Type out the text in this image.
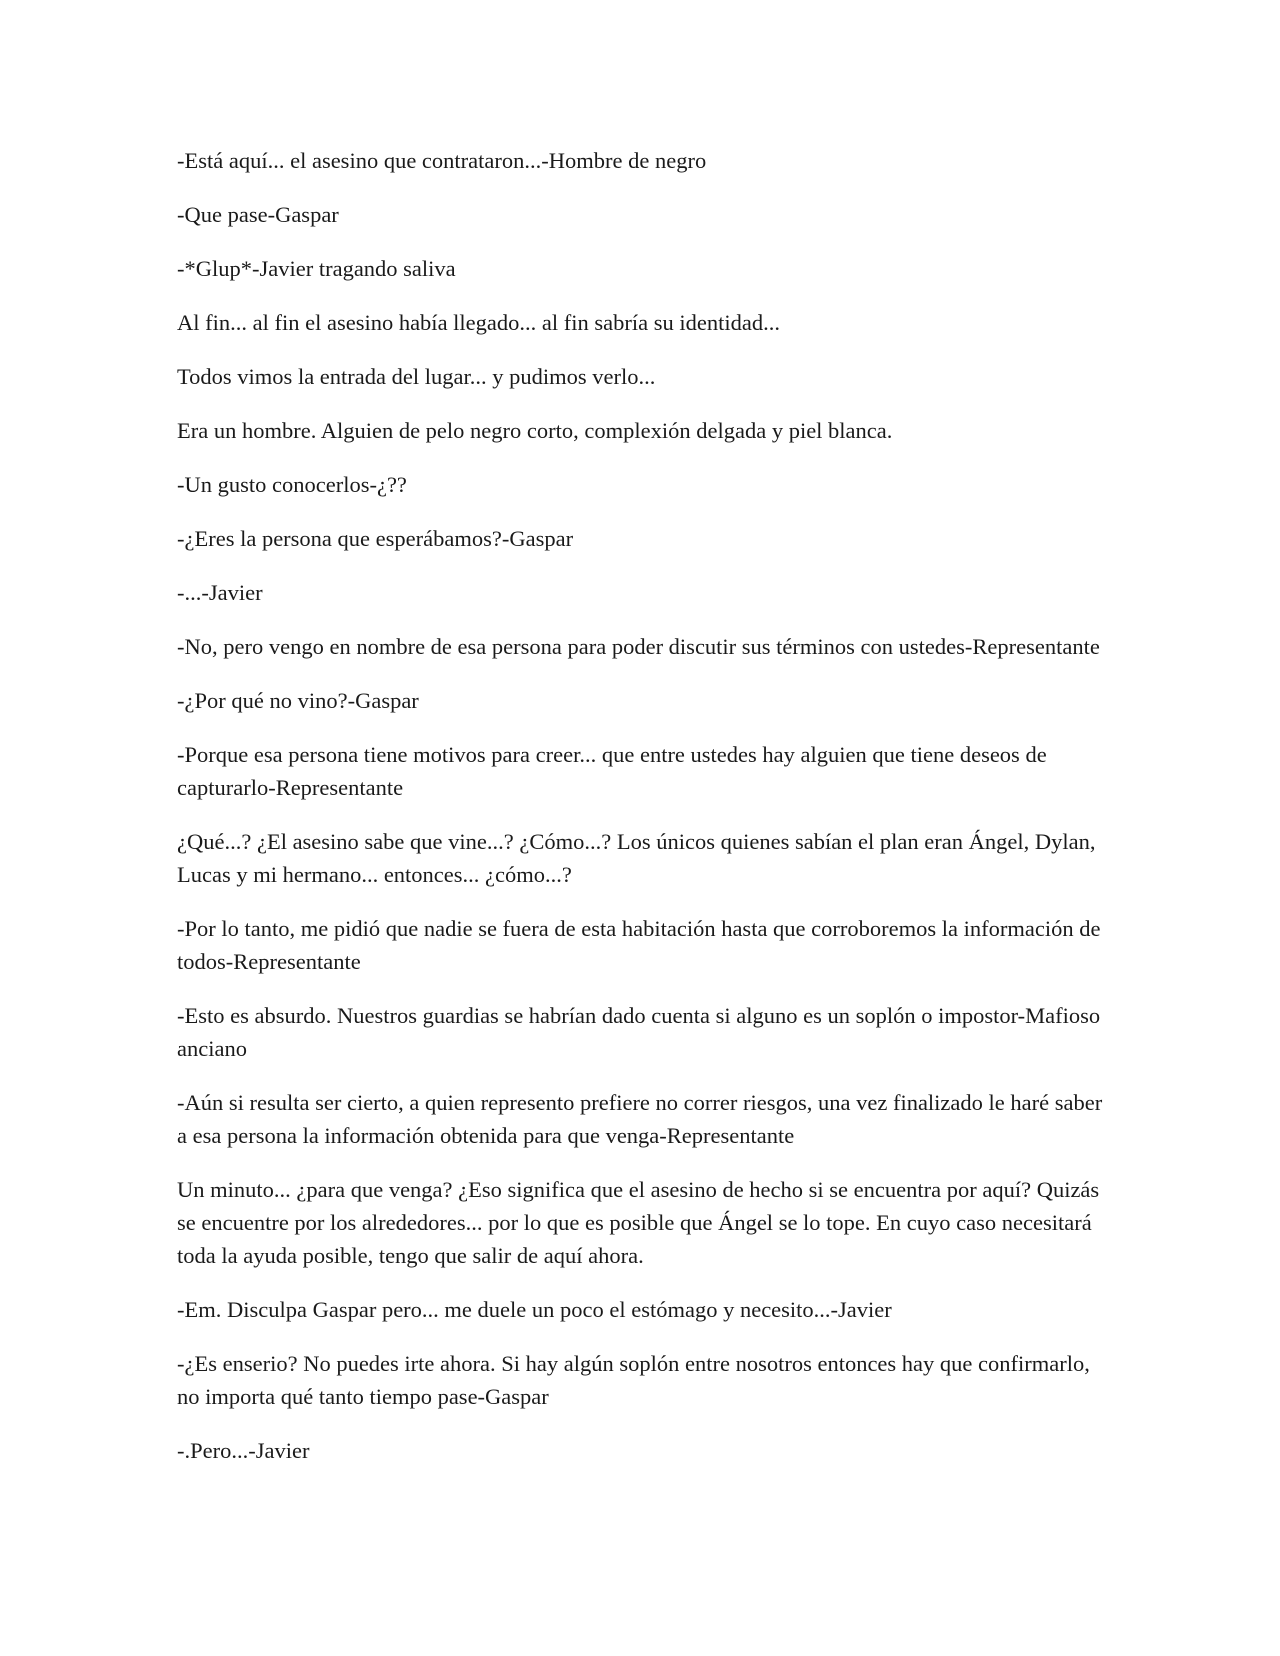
-Está aquí... el asesino que contrataron...-Hombre de negro

-Que pase-Gaspar

-*Glup*-Javier tragando saliva

Al fin... al fin el asesino había llegado... al fin sabría su identidad...

Todos vimos la entrada del lugar... y pudimos verlo...

Era un hombre. Alguien de pelo negro corto, complexión delgada y piel blanca.

-Un gusto conocerlos-¿??

-¿Eres la persona que esperábamos?-Gaspar

-...-Javier

-No, pero vengo en nombre de esa persona para poder discutir sus términos con ustedes-Representante

-¿Por qué no vino?-Gaspar

-Porque esa persona tiene motivos para creer... que entre ustedes hay alguien que tiene deseos de capturarlo-Representante

¿Qué...? ¿El asesino sabe que vine...? ¿Cómo...? Los únicos quienes sabían el plan eran Ángel, Dylan, Lucas y mi hermano... entonces... ¿cómo...?

-Por lo tanto, me pidió que nadie se fuera de esta habitación hasta que corroboremos la información de todos-Representante

-Esto es absurdo. Nuestros guardias se habrían dado cuenta si alguno es un soplón o impostor-Mafioso anciano

-Aún si resulta ser cierto, a quien represento prefiere no correr riesgos, una vez finalizado le haré saber a esa persona la información obtenida para que venga-Representante

Un minuto... ¿para que venga? ¿Eso significa que el asesino de hecho si se encuentra por aquí? Quizás se encuentre por los alrededores... por lo que es posible que Ángel se lo tope. En cuyo caso necesitará toda la ayuda posible, tengo que salir de aquí ahora.

-Em. Disculpa Gaspar pero... me duele un poco el estómago y necesito...-Javier

-¿Es enserio? No puedes irte ahora. Si hay algún soplón entre nosotros entonces hay que confirmarlo, no importa qué tanto tiempo pase-Gaspar

-.Pero...-Javier
